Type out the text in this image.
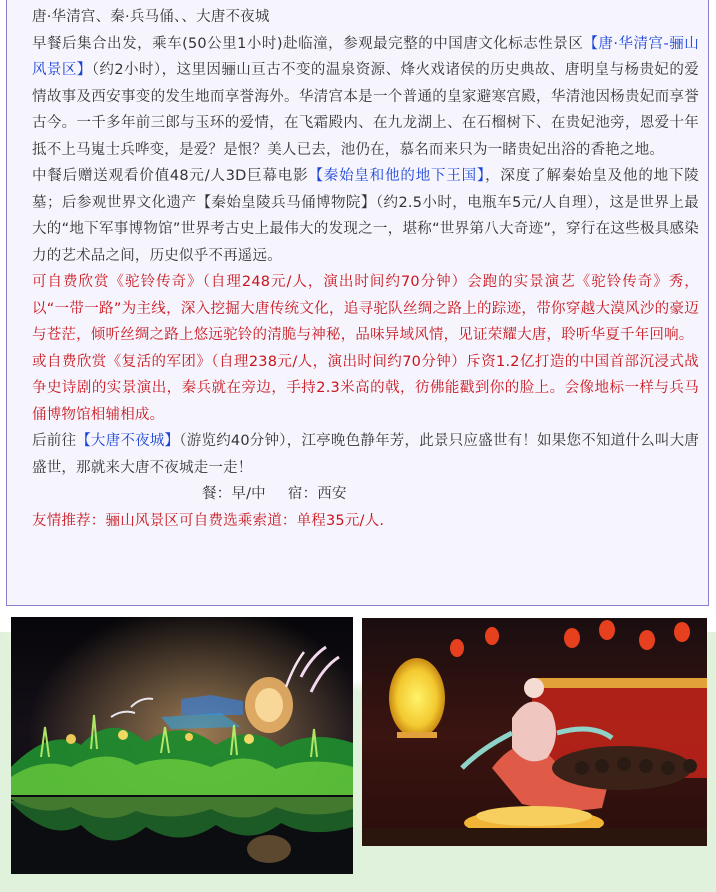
唐·华清宫、秦·兵马俑、、大唐不夜城

早餐后集合出发，乘车(50公里1小时)赴临潼，参观最完整的中国唐文化标志性景区【唐·华清宫-骊山风景区】（约2小时），这里因骊山亘古不变的温泉资源、烽火戏诸侯的历史典故、唐明皇与杨贵妃的爱情故事及西安事变的发生地而享誉海外。华清宫本是一个普通的皇家避寒宫殿，华清池因杨贵妃而享誉古今。一千多年前三郎与玉环的爱情，在飞霜殿内、在九龙湖上、在石榴树下、在贵妃池旁，恩爱十年抵不上马嵬士兵哗变，是爱？是恨？美人已去，池仍在，慕名而来只为一睹贵妃出浴的香艳之地。

中餐后赠送观看价值48元/人3D巨幕电影【秦始皇和他的地下王国】，深度了解秦始皇及他的地下陵墓；后参观世界文化遗产【秦始皇陵兵马俑博物院】（约2.5小时，电瓶车5元/人自理），这是世界上最大的“地下军事博物馆”世界考古史上最伟大的发现之一，堪称“世界第八大奇迹”，穿行在这些极具感染力的艺术品之间，历史似乎不再遥远。

可自费欣赏《驼铃传奇》（自理248元/人，演出时间约70分钟）会跑的实景演艺《驼铃传奇》秀，以“一带一路”为主线，深入挖掘大唐传统文化，追寻驼队丝绸之路上的踪迹，带你穿越大漠风沙的豪迈与苍茫，倾听丝绸之路上悠远驼铃的清脆与神秘，品味异域风情，见证荣耀大唐，聆听华夏千年回响。

或自费欣赏《复活的军团》（自理238元/人，演出时间约70分钟）斥资1.2亿打造的中国首部沉浸式战争史诗剧的实景演出，秦兵就在旁边，手持2.3米高的戟，彷佛能戳到你的脸上。会像地标一样与兵马俑博物馆相辅相成。

后前往【大唐不夜城】（游览约40分钟），江亭晚色静年芳，此景只应盛世有！如果您不知道什么叫大唐盛世，那就来大唐不夜城走一走！

餐：早/中 宿：西安

友情推荐：骊山风景区可自费选乘索道：单程35元/人.
